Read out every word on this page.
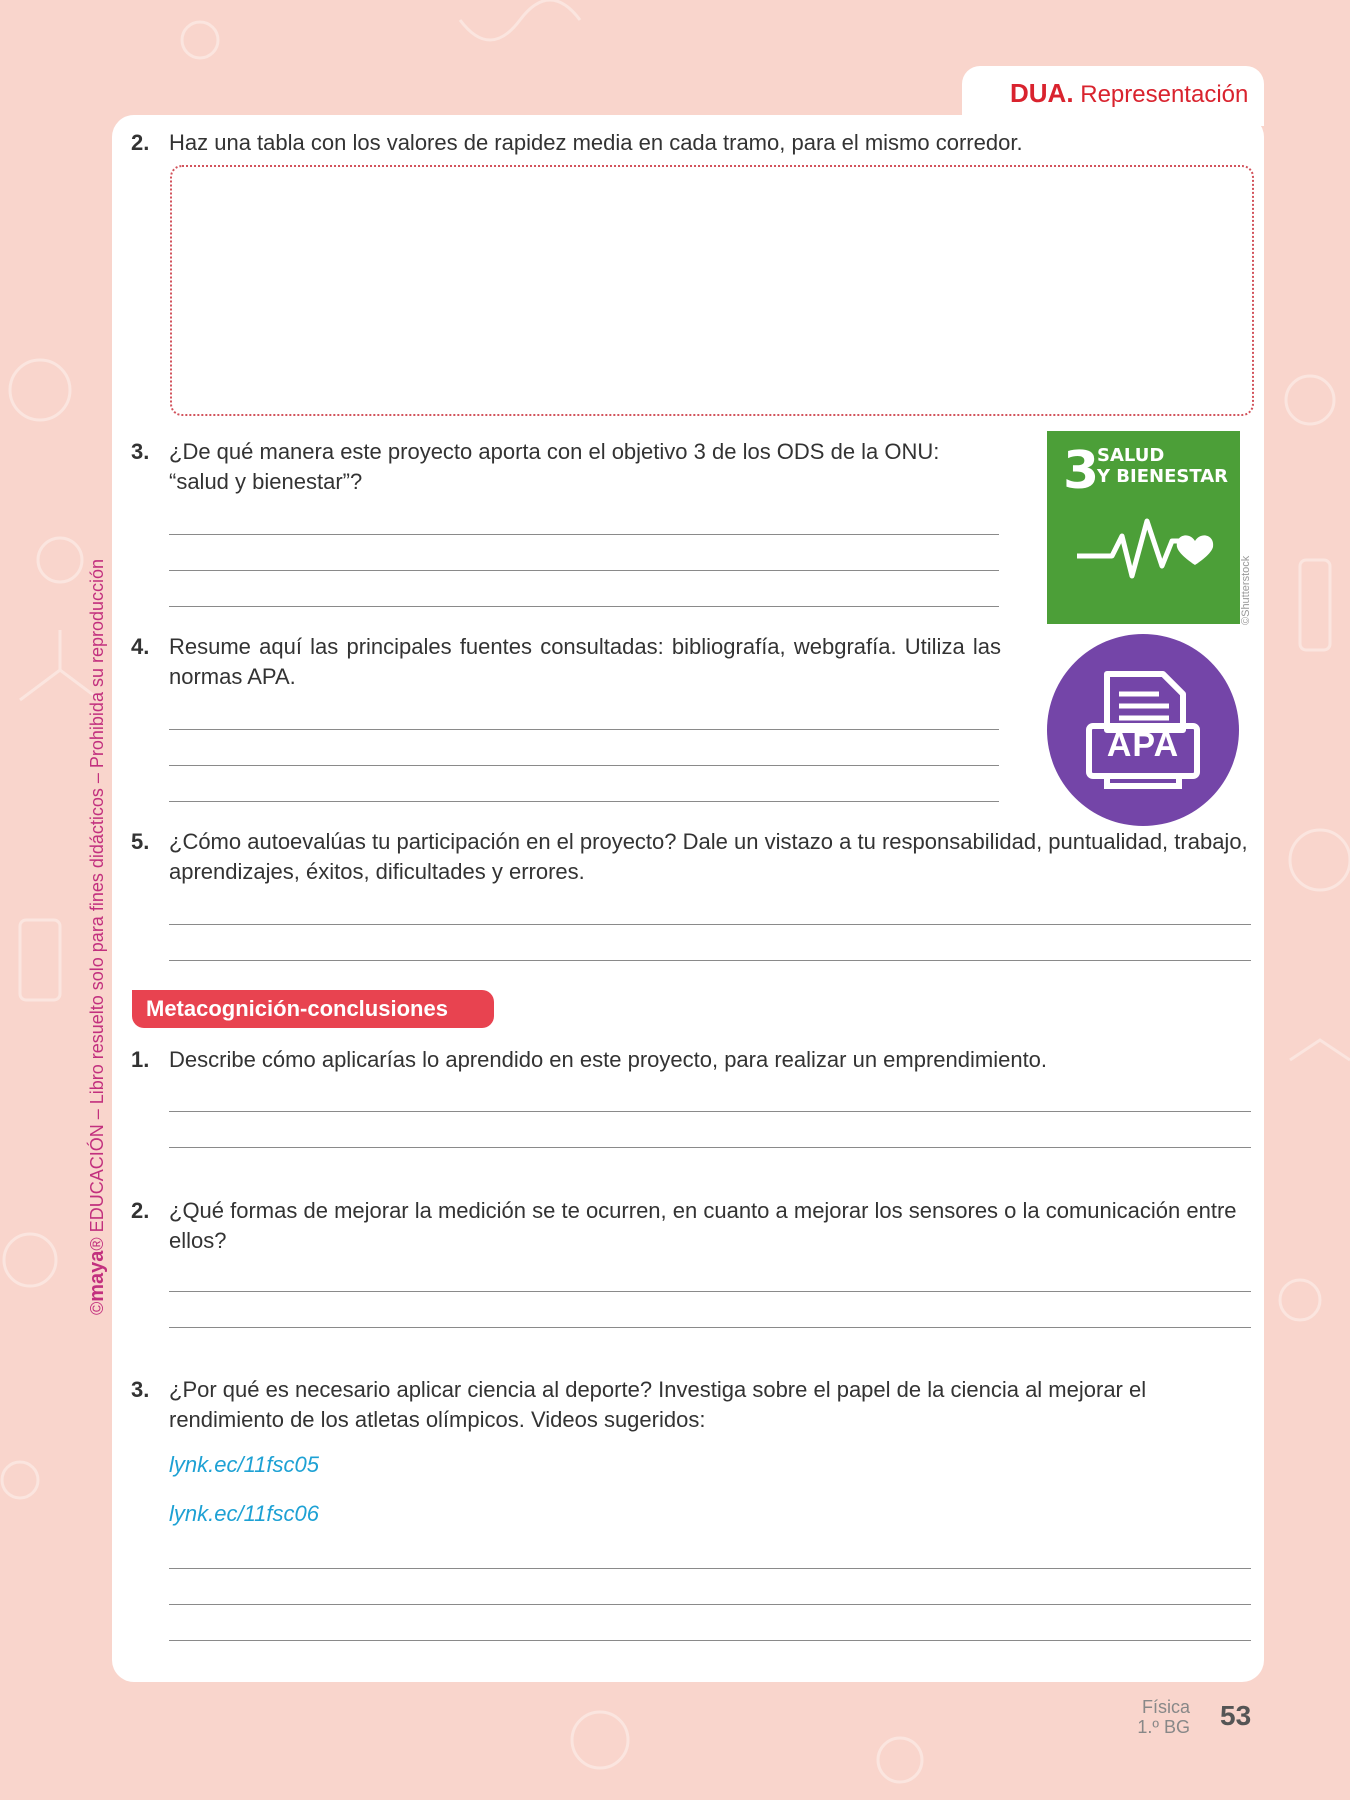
DUA. Representación
2. Haz una tabla con los valores de rapidez media en cada tramo, para el mismo corredor.
3. ¿De qué manera este proyecto aporta con el objetivo 3 de los ODS de la ONU: “salud y bienestar”?	3
SALUD
Y BIENESTAR
©Shutterstock
4. Resume aquí las principales fuentes consultadas: bibliografía, webgrafía. Utiliza las normas APA.
APA
5. ¿Cómo autoevalúas tu participación en el proyecto? Dale un vistazo a tu responsabilidad, puntualidad, trabajo, aprendizajes, éxitos, dificultades y errores.
Metacognición-conclusiones
1. Describe cómo aplicarías lo aprendido en este proyecto, para realizar un emprendimiento.
2. ¿Qué formas de mejorar la medición se te ocurren, en cuanto a mejorar los sensores o la comunicación entre ellos?
3. ¿Por qué es necesario aplicar ciencia al deporte? Investiga sobre el papel de la ciencia al mejorar el rendimiento de los atletas olímpicos. Videos sugeridos:
lynk.ec/11fsc05
lynk.ec/11fsc06
©maya® EDUCACIÓN – Libro resuelto solo para fines didácticos – Prohibida su reproducción
Física
1.º BG 53
